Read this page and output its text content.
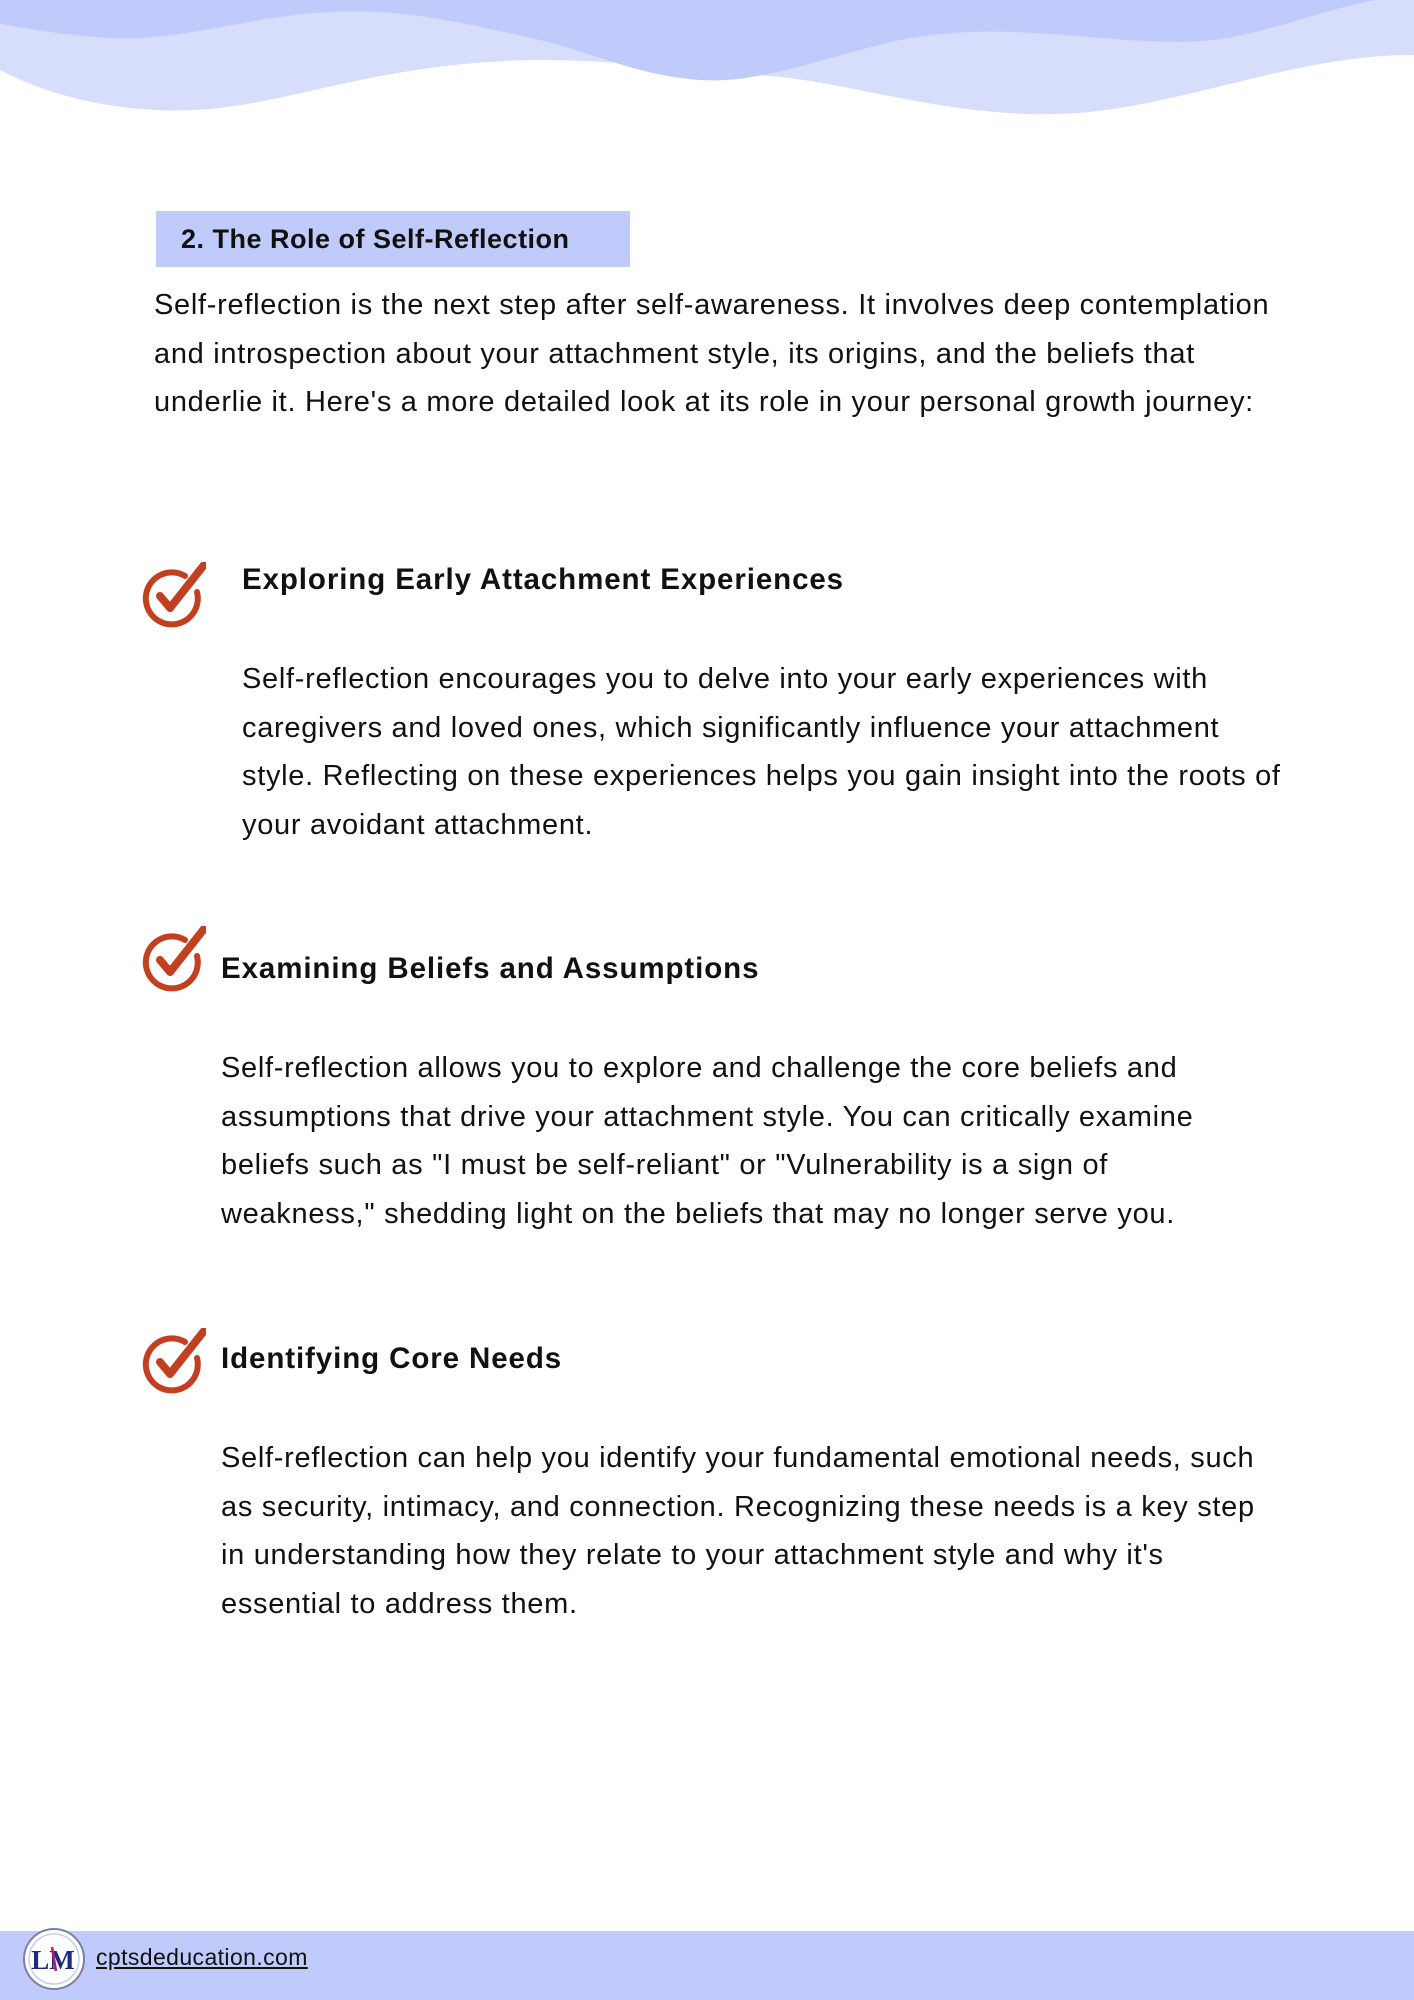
2. The Role of Self-Reflection

Self-reflection is the next step after self-awareness. It involves deep contemplation and introspection about your attachment style, its origins, and the beliefs that underlie it. Here's a more detailed look at its role in your personal growth journey:

Exploring Early Attachment Experiences

Self-reflection encourages you to delve into your early experiences with caregivers and loved ones, which significantly influence your attachment style. Reflecting on these experiences helps you gain insight into the roots of your avoidant attachment.

Examining Beliefs and Assumptions

Self-reflection allows you to explore and challenge the core beliefs and assumptions that drive your attachment style. You can critically examine beliefs such as "I must be self-reliant" or "Vulnerability is a sign of weakness," shedding light on the beliefs that may no longer serve you.

Identifying Core Needs

Self-reflection can help you identify your fundamental emotional needs, such as security, intimacy, and connection. Recognizing these needs is a key step in understanding how they relate to your attachment style and why it's essential to address them.

LM cptsdeducation.com
